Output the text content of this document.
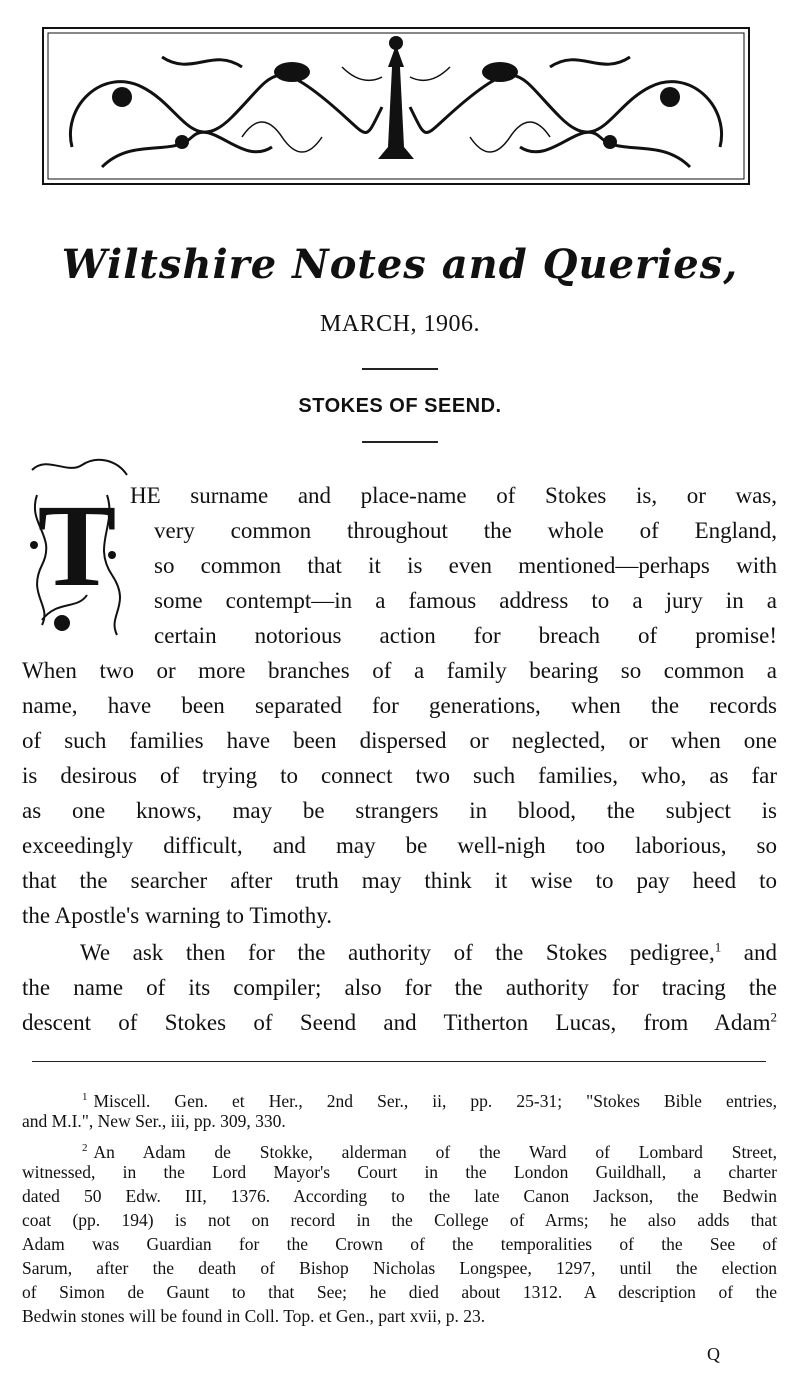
Wiltshire Notes and Queries,
MARCH, 1906.
STOKES OF SEEND.
T HE surname and place-name of Stokes is, or was,
very common throughout the whole of England,
so common that it is even mentioned—perhaps with
some contempt—in a famous address to a jury in a
certain notorious action for breach of promise!
When two or more branches of a family bearing so common a
name, have been separated for generations, when the records
of such families have been dispersed or neglected, or when one
is desirous of trying to connect two such families, who, as far
as one knows, may be strangers in blood, the subject is
exceedingly difficult, and may be well-nigh too laborious, so
that the searcher after truth may think it wise to pay heed to
the Apostle's warning to Timothy.
We ask then for the authority of the Stokes pedigree,$^1$ and
the name of its compiler; also for the authority for tracing the
descent of Stokes of Seend and Titherton Lucas, from Adam$^2$
$^1$ Miscell. Gen. et Her., 2nd Ser., ii, pp. 25-31; "Stokes Bible entries,
and M.I.", New Ser., iii, pp. 309, 330.
$^2$ An Adam de Stokke, alderman of the Ward of Lombard Street,
witnessed, in the Lord Mayor's Court in the London Guildhall, a charter
dated 50 Edw. III, 1376. According to the late Canon Jackson, the Bedwin
coat (pp. 194) is not on record in the College of Arms; he also adds that
Adam was Guardian for the Crown of the temporalities of the See of
Sarum, after the death of Bishop Nicholas Longspee, 1297, until the election
of Simon de Gaunt to that See; he died about 1312. A description of the
Bedwin stones will be found in Coll. Top. et Gen., part xvii, p. 23.
Q
